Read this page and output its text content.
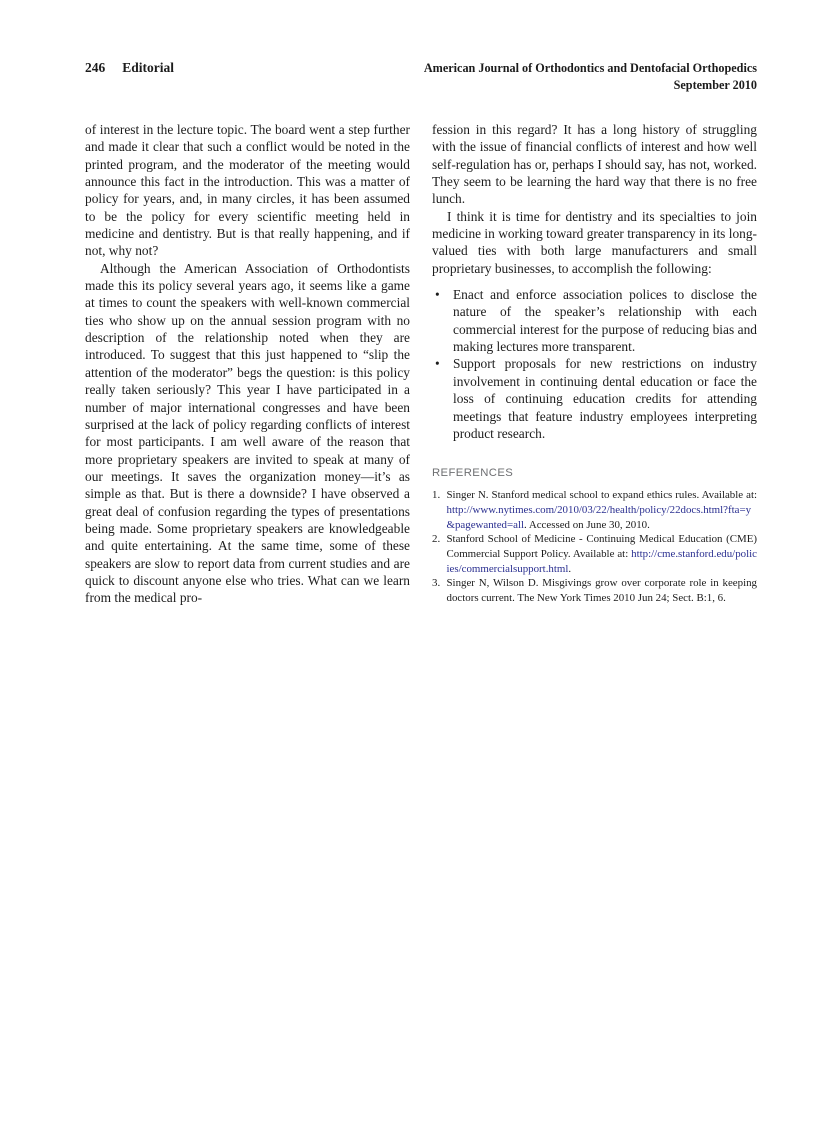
246 Editorial	American Journal of Orthodontics and Dentofacial Orthopedics
September 2010

of interest in the lecture topic. The board went a step further and made it clear that such a conflict would be noted in the printed program, and the moderator of the meeting would announce this fact in the introduction. This was a matter of policy for years, and, in many circles, it has been assumed to be the policy for every scientific meeting held in medicine and dentistry. But is that really happening, and if not, why not?

Although the American Association of Orthodontists made this its policy several years ago, it seems like a game at times to count the speakers with well-known commercial ties who show up on the annual session program with no description of the relationship noted when they are introduced. To suggest that this just happened to “slip the attention of the moderator” begs the question: is this policy really taken seriously? This year I have participated in a number of major international congresses and have been surprised at the lack of policy regarding conflicts of interest for most participants. I am well aware of the reason that more proprietary speakers are invited to speak at many of our meetings. It saves the organization money—it’s as simple as that. But is there a downside? I have observed a great deal of confusion regarding the types of presentations being made. Some proprietary speakers are knowledgeable and quite entertaining. At the same time, some of these speakers are slow to report data from current studies and are quick to discount anyone else who tries. What can we learn from the medical pro-

fession in this regard? It has a long history of struggling with the issue of financial conflicts of interest and how well self-regulation has or, perhaps I should say, has not, worked. They seem to be learning the hard way that there is no free lunch.

I think it is time for dentistry and its specialties to join medicine in working toward greater transparency in its long-valued ties with both large manufacturers and small proprietary businesses, to accomplish the following:

• Enact and enforce association polices to disclose the nature of the speaker’s relationship with each commercial interest for the purpose of reducing bias and making lectures more transparent.
• Support proposals for new restrictions on industry involvement in continuing dental education or face the loss of continuing education credits for attending meetings that feature industry employees interpreting product research.
REFERENCES
1. Singer N. Stanford medical school to expand ethics rules. Available at: http://www.nytimes.com/2010/03/22/health/policy/22docs.html?fta=y&pagewanted=all. Accessed on June 30, 2010.
2. Stanford School of Medicine - Continuing Medical Education (CME) Commercial Support Policy. Available at: http://cme.stanford.edu/policies/commercialsupport.html.
3. Singer N, Wilson D. Misgivings grow over corporate role in keeping doctors current. The New York Times 2010 Jun 24; Sect. B:1, 6.
